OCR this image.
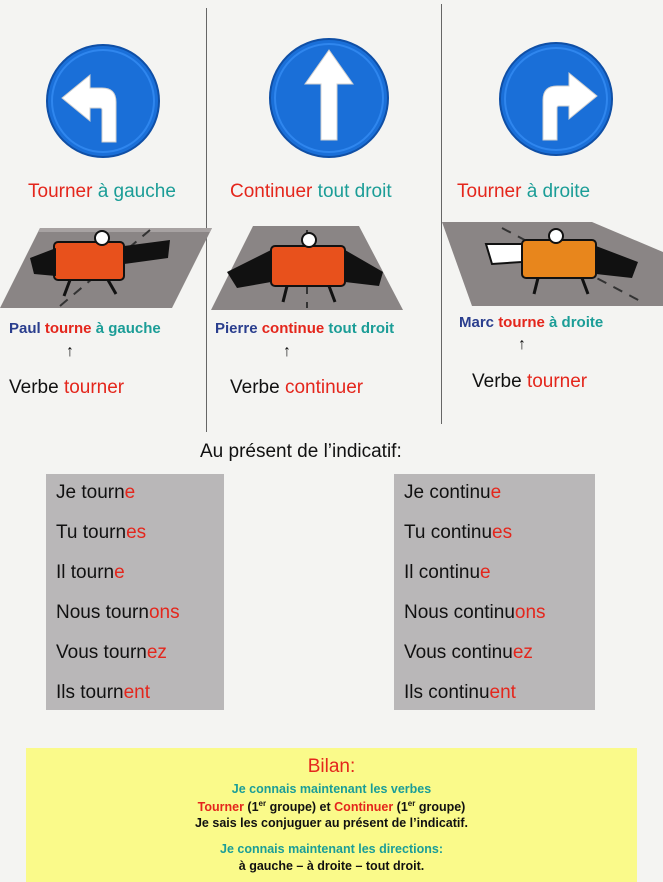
Tourner à gauche	Continuer tout droit	Tourner à droite
Paul tourne à gauche	Pierre continue tout droit	Marc tourne à droite
↑	↑	↑
Verbe tourner	Verbe continuer	Verbe tourner
Au présent de l’indicatif:
Je tourne
Tu tournes
Il tourne
Nous tournons
Vous tournez
Ils tournent
Je continue
Tu continues
Il continue
Nous continuons
Vous continuez
Ils continuent
Bilan:
Je connais maintenant les verbes
Tourner (1er groupe) et Continuer (1er groupe)
Je sais les conjuguer au présent de l’indicatif.
Je connais maintenant les directions:
à gauche – à droite – tout droit.
